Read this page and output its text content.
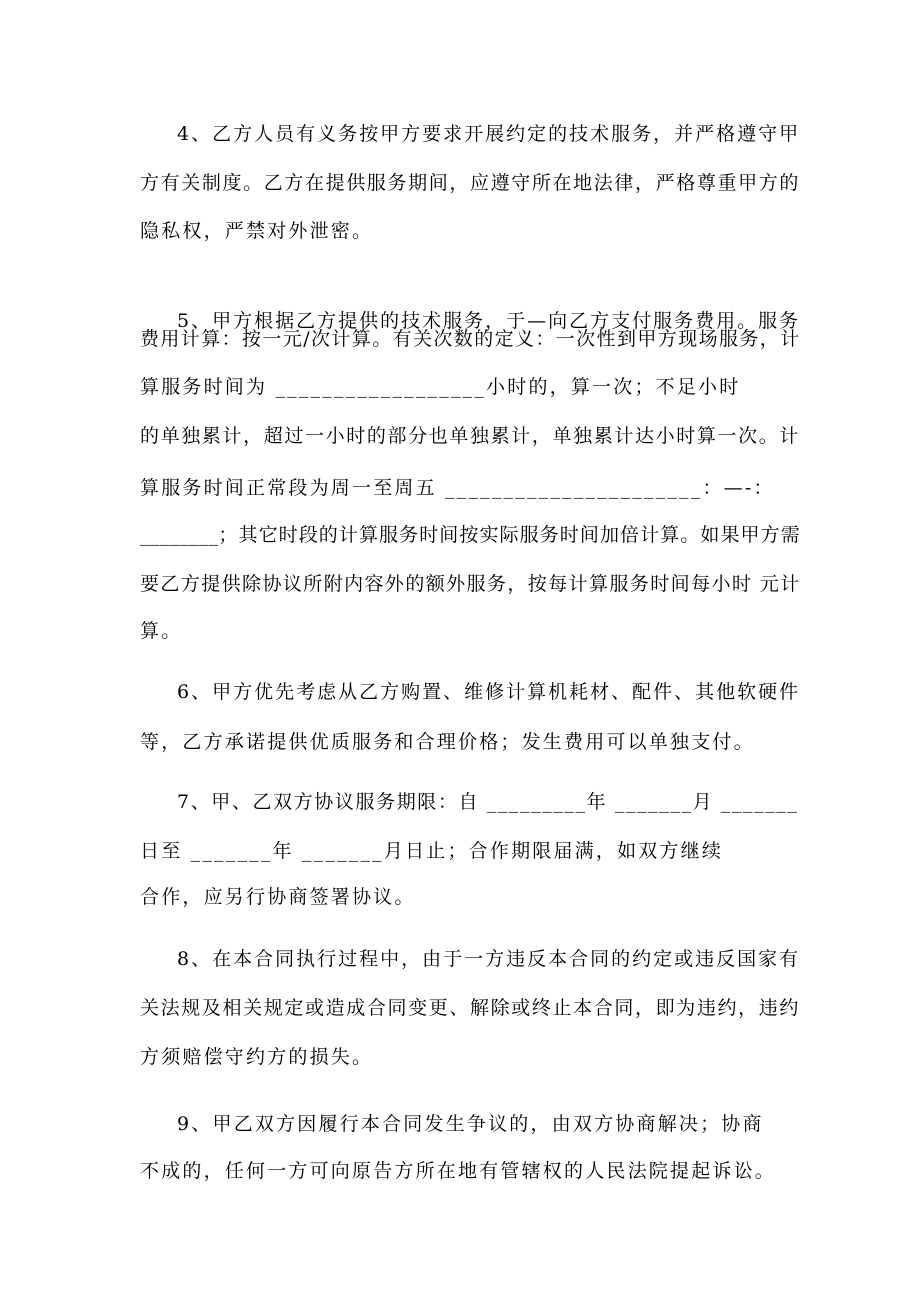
4、乙方人员有义务按甲方要求开展约定的技术服务，并严格遵守甲
方有关制度。乙方在提供服务期间，应遵守所在地法律，严格尊重甲方的
隐私权，严禁对外泄密。
5、甲方根据乙方提供的技术服务，于—向乙方支付服务费用。服务
费用计算：按一元/次计算。有关次数的定义：一次性到甲方现场服务，计
算服务时间为 __________________小时的，算一次；不足小时
的单独累计，超过一小时的部分也单独累计，单独累计达小时算一次。计
算服务时间正常段为周一至周五 ______________________：—-：
________；其它时段的计算服务时间按实际服务时间加倍计算。如果甲方需
要乙方提供除协议所附内容外的额外服务，按每计算服务时间每小时 元计
算。
6、甲方优先考虑从乙方购置、维修计算机耗材、配件、其他软硬件
等，乙方承诺提供优质服务和合理价格；发生费用可以单独支付。
7、甲、乙双方协议服务期限：自 _________年 _______月 _______
日至 _______年 _______月日止；合作期限届满，如双方继续
合作，应另行协商签署协议。
8、在本合同执行过程中，由于一方违反本合同的约定或违反国家有
关法规及相关规定或造成合同变更、解除或终止本合同，即为违约，违约
方须赔偿守约方的损失。
9、甲乙双方因履行本合同发生争议的，由双方协商解决；协商
不成的，任何一方可向原告方所在地有管辖权的人民法院提起诉讼。
